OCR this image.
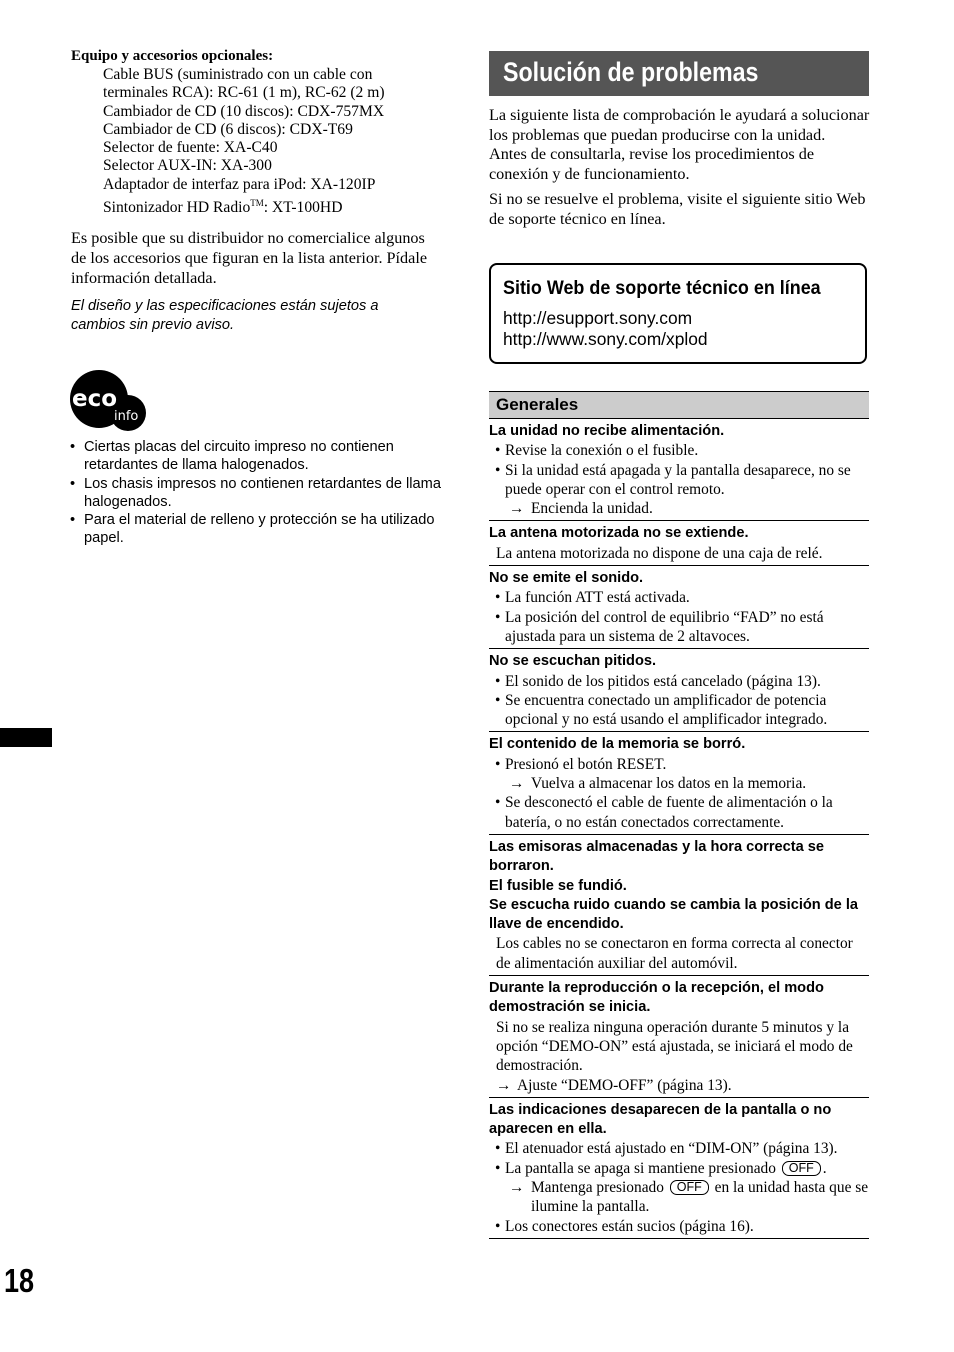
Equipo y accesorios opcionales:
Cable BUS (suministrado con un cable con
terminales RCA): RC-61 (1 m), RC-62 (2 m)
Cambiador de CD (10 discos): CDX-757MX
Cambiador de CD (6 discos): CDX-T69
Selector de fuente: XA-C40
Selector AUX-IN: XA-300
Adaptador de interfaz para iPod: XA-120IP
Sintonizador HD Radio™: XT-100HD
Es posible que su distribuidor no comercialice algunos de los accesorios que figuran en la lista anterior. Pídale información detallada.
El diseño y las especificaciones están sujetos a cambios sin previo aviso.
eco
info
• Ciertas placas del circuito impreso no contienen retardantes de llama halogenados.
• Los chasis impresos no contienen retardantes de llama halogenados.
• Para el material de relleno y protección se ha utilizado papel.
18
Solución de problemas

La siguiente lista de comprobación le ayudará a solucionar los problemas que puedan producirse con la unidad.

Antes de consultarla, revise los procedimientos de conexión y de funcionamiento.

Si no se resuelve el problema, visite el siguiente sitio Web de soporte técnico en línea.

Sitio Web de soporte técnico en línea
http://esupport.sony.com
http://www.sony.com/xplod
Generales
La unidad no recibe alimentación.
• Revise la conexión o el fusible.
• Si la unidad está apagada y la pantalla desaparece, no se puede operar con el control remoto.
→ Encienda la unidad.
La antena motorizada no se extiende.
La antena motorizada no dispone de una caja de relé.
No se emite el sonido.
• La función ATT está activada.
• La posición del control de equilibrio “FAD” no está ajustada para un sistema de 2 altavoces.
No se escuchan pitidos.
• El sonido de los pitidos está cancelado (página 13).
• Se encuentra conectado un amplificador de potencia opcional y no está usando el amplificador integrado.
El contenido de la memoria se borró.
• Presionó el botón RESET.
→ Vuelva a almacenar los datos en la memoria.
• Se desconectó el cable de fuente de alimentación o la batería, o no están conectados correctamente.
Las emisoras almacenadas y la hora correcta se borraron.
El fusible se fundió.
Se escucha ruido cuando se cambia la posición de la llave de encendido.
Los cables no se conectaron en forma correcta al conector de alimentación auxiliar del automóvil.
Durante la reproducción o la recepción, el modo demostración se inicia.
Si no se realiza ninguna operación durante 5 minutos y la opción “DEMO-ON” está ajustada, se iniciará el modo de demostración.
→ Ajuste “DEMO-OFF” (página 13).
Las indicaciones desaparecen de la pantalla o no aparecen en ella.
• El atenuador está ajustado en “DIM-ON” (página 13).
• La pantalla se apaga si mantiene presionado OFF .
→ Mantenga presionado OFF en la unidad hasta que se ilumine la pantalla.
• Los conectores están sucios (página 16).
